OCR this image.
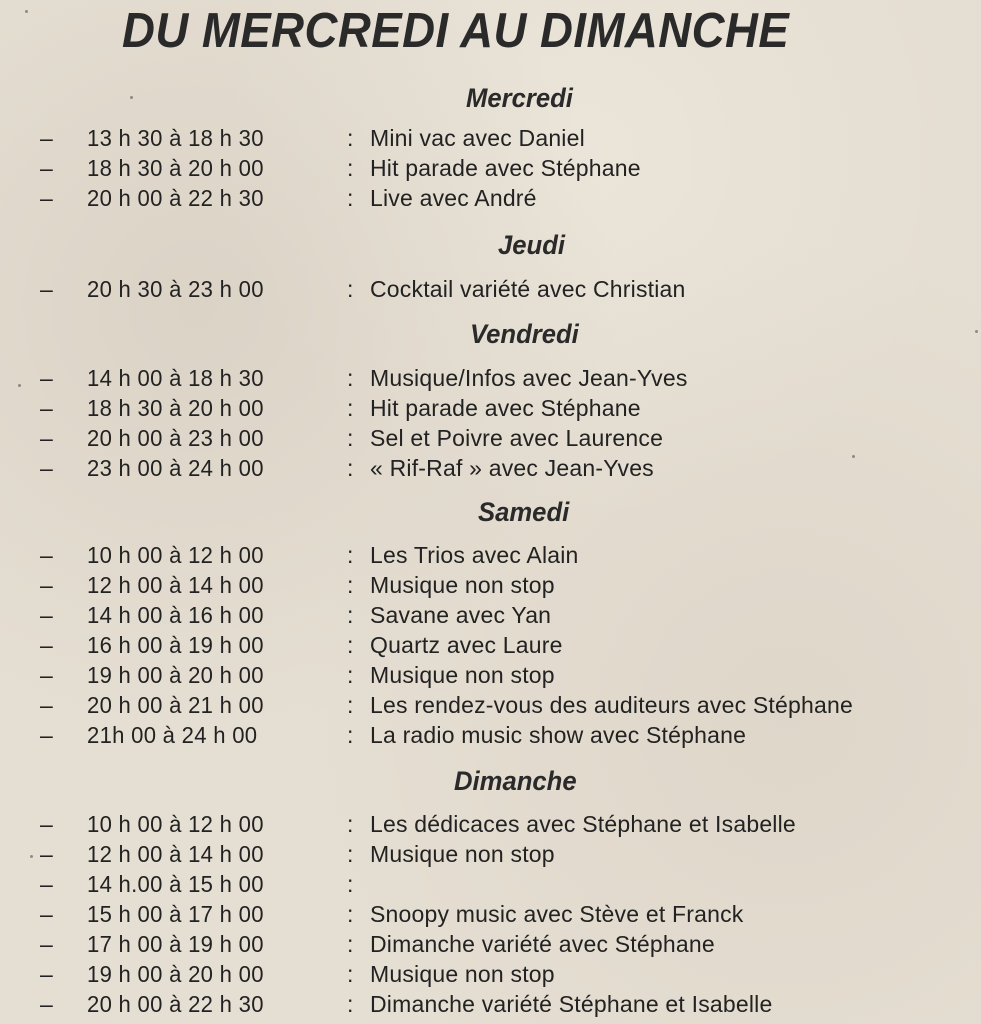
DU MERCREDI AU DIMANCHE
Mercredi
– 13 h 30 à 18 h 30	: Mini vac avec Daniel
– 18 h 30 à 20 h 00	: Hit parade avec Stéphane
– 20 h 00 à 22 h 30	: Live avec André
Jeudi
– 20 h 30 à 23 h 00	: Cocktail variété avec Christian
Vendredi
– 14 h 00 à 18 h 30	: Musique/Infos avec Jean-Yves
– 18 h 30 à 20 h 00	: Hit parade avec Stéphane
– 20 h 00 à 23 h 00	: Sel et Poivre avec Laurence
– 23 h 00 à 24 h 00	: « Rif-Raf » avec Jean-Yves
Samedi
– 10 h 00 à 12 h 00	: Les Trios avec Alain
– 12 h 00 à 14 h 00	: Musique non stop
– 14 h 00 à 16 h 00	: Savane avec Yan
– 16 h 00 à 19 h 00	: Quartz avec Laure
– 19 h 00 à 20 h 00	: Musique non stop
– 20 h 00 à 21 h 00	: Les rendez-vous des auditeurs avec Stéphane
– 21h 00 à 24 h 00	: La radio music show avec Stéphane
Dimanche
– 10 h 00 à 12 h 00	: Les dédicaces avec Stéphane et Isabelle
– 12 h 00 à 14 h 00	: Musique non stop
– 14 h.00 à 15 h 00	:
– 15 h 00 à 17 h 00	: Snoopy music avec Stève et Franck
– 17 h 00 à 19 h 00	: Dimanche variété avec Stéphane
– 19 h 00 à 20 h 00	: Musique non stop
– 20 h 00 à 22 h 30	: Dimanche variété Stéphane et Isabelle
